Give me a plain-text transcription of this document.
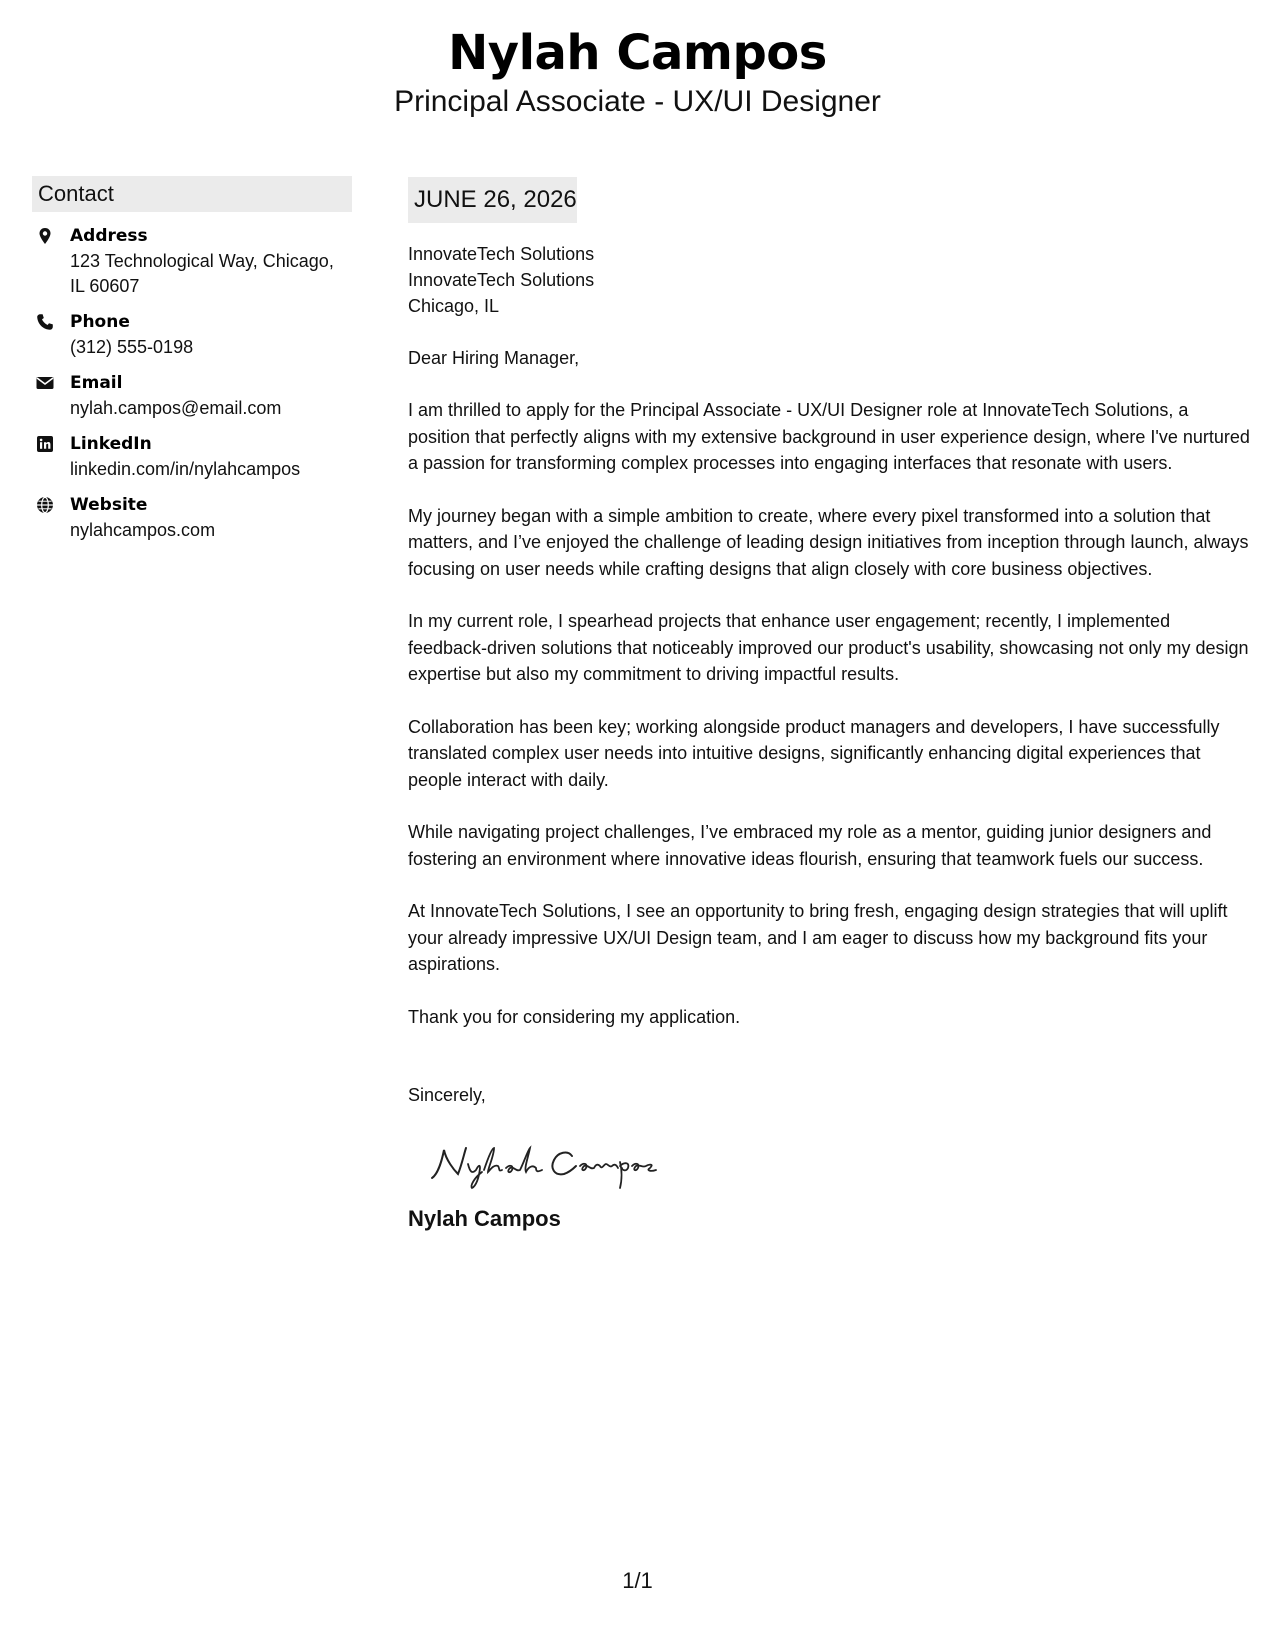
Nylah Campos
Principal Associate - UX/UI Designer
Contact
Address
123 Technological Way, Chicago, IL 60607
Phone
(312) 555-0198
Email
nylah.campos@email.com
LinkedIn
linkedin.com/in/nylahcampos
Website
nylahcampos.com
JUNE 26, 2026
InnovateTech Solutions
InnovateTech Solutions
Chicago, IL
Dear Hiring Manager,
I am thrilled to apply for the Principal Associate - UX/UI Designer role at InnovateTech Solutions, a position that perfectly aligns with my extensive background in user experience design, where I've nurtured a passion for transforming complex processes into engaging interfaces that resonate with users.
My journey began with a simple ambition to create, where every pixel transformed into a solution that matters, and I’ve enjoyed the challenge of leading design initiatives from inception through launch, always focusing on user needs while crafting designs that align closely with core business objectives.
In my current role, I spearhead projects that enhance user engagement; recently, I implemented feedback-driven solutions that noticeably improved our product's usability, showcasing not only my design expertise but also my commitment to driving impactful results.
Collaboration has been key; working alongside product managers and developers, I have successfully translated complex user needs into intuitive designs, significantly enhancing digital experiences that people interact with daily.
While navigating project challenges, I’ve embraced my role as a mentor, guiding junior designers and fostering an environment where innovative ideas flourish, ensuring that teamwork fuels our success.
At InnovateTech Solutions, I see an opportunity to bring fresh, engaging design strategies that will uplift your already impressive UX/UI Design team, and I am eager to discuss how my background fits your aspirations.
Thank you for considering my application.
Sincerely,
Nylah Campos
1/1
